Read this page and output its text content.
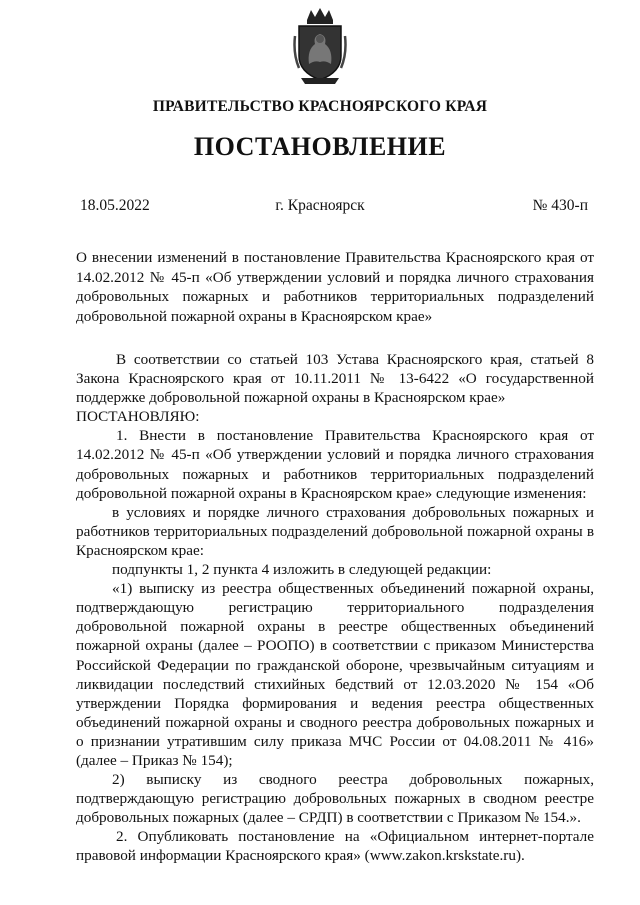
ПРАВИТЕЛЬСТВО КРАСНОЯРСКОГО КРАЯ
ПОСТАНОВЛЕНИЕ
18.05.2022	г. Красноярск	№ 430-п
О внесении изменений в постановление Правительства Красноярского края от 14.02.2012 № 45-п «Об утверждении условий и порядка личного страхования добровольных пожарных и работников территориальных подразделений добровольной пожарной охраны в Красноярском крае»

В соответствии со статьей 103 Устава Красноярского края, статьей 8 Закона Красноярского края от 10.11.2011 № 13-6422 «О государственной поддержке добровольной пожарной охраны в Красноярском крае»

ПОСТАНОВЛЯЮ:

1. Внести в постановление Правительства Красноярского края от 14.02.2012 № 45-п «Об утверждении условий и порядка личного страхования добровольных пожарных и работников территориальных подразделений добровольной пожарной охраны в Красноярском крае» следующие изменения:

в условиях и порядке личного страхования добровольных пожарных и работников территориальных подразделений добровольной пожарной охраны в Красноярском крае:

подпункты 1, 2 пункта 4 изложить в следующей редакции:

«1) выписку из реестра общественных объединений пожарной охраны, подтверждающую регистрацию территориального подразделения добровольной пожарной охраны в реестре общественных объединений пожарной охраны (далее – РООПО) в соответствии с приказом Министерства Российской Федерации по гражданской обороне, чрезвычайным ситуациям и ликвидации последствий стихийных бедствий от 12.03.2020 № 154 «Об утверждении Порядка формирования и ведения реестра общественных объединений пожарной охраны и сводного реестра добровольных пожарных и о признании утратившим силу приказа МЧС России от 04.08.2011 № 416» (далее – Приказ № 154);

2) выписку из сводного реестра добровольных пожарных, подтверждающую регистрацию добровольных пожарных в сводном реестре добровольных пожарных (далее – СРДП) в соответствии с Приказом № 154.».

2. Опубликовать постановление на «Официальном интернет-портале правовой информации Красноярского края» (www.zakon.krskstate.ru).
